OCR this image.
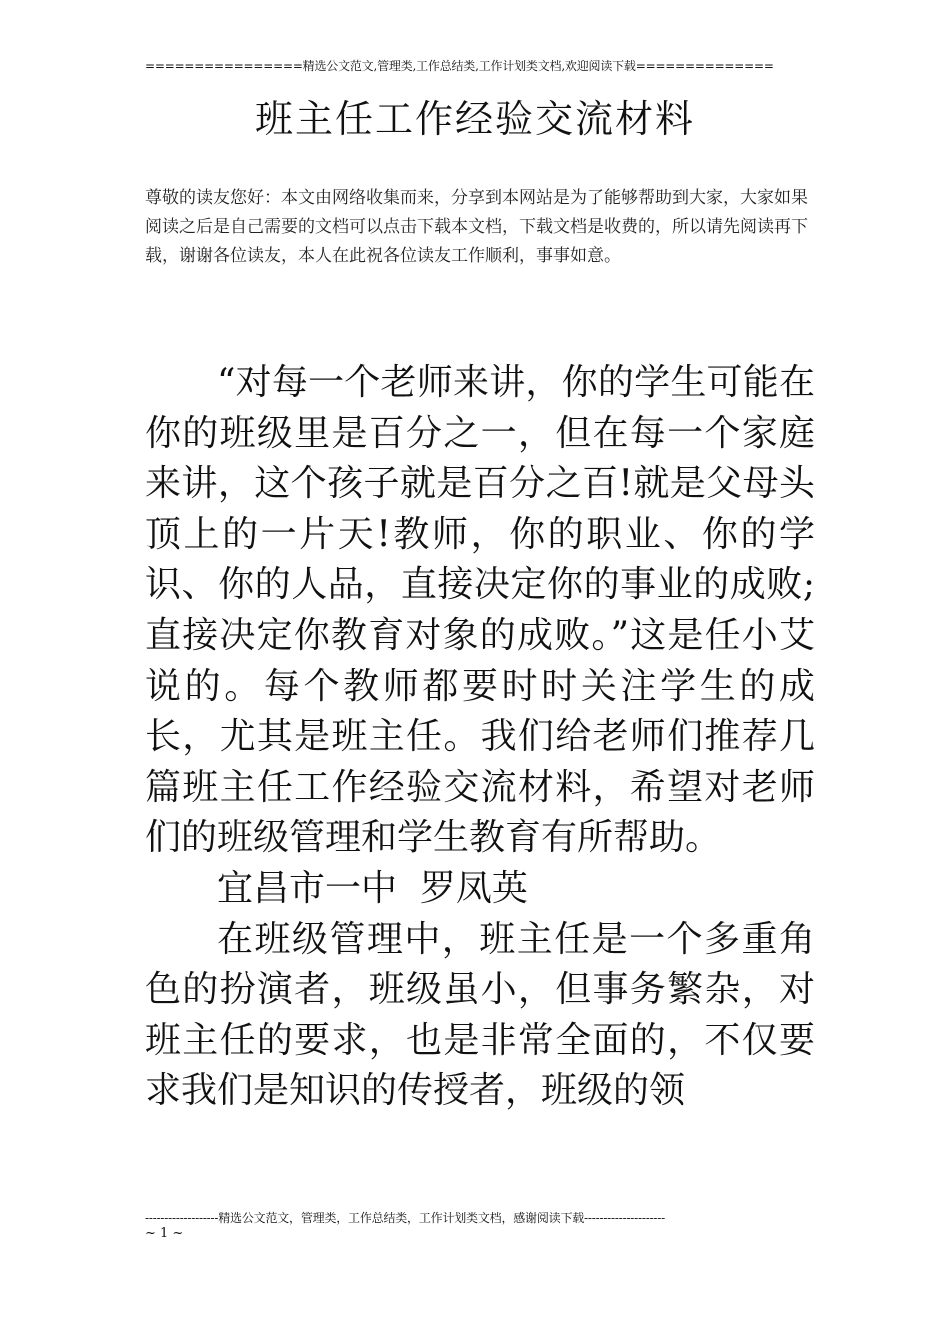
================精选公文范文,管理类,工作总结类,工作计划类文档,欢迎阅读下载==============
班主任工作经验交流材料

尊敬的读友您好：本文由网络收集而来，分享到本网站是为了能够帮助到大家，大家如果阅读之后是自己需要的文档可以点击下载本文档，下载文档是收费的，所以请先阅读再下载，谢谢各位读友，本人在此祝各位读友工作顺利，事事如意。

“对每一个老师来讲，你的学生可能在你的班级里是百分之一，但在每一个家庭来讲，这个孩子就是百分之百!就是父母头顶上的一片天!教师，你的职业、你的学识、你的人品，直接决定你的事业的成败;直接决定你教育对象的成败。”这是任小艾说的。每个教师都要时时关注学生的成长，尤其是班主任。我们给老师们推荐几篇班主任工作经验交流材料，希望对老师们的班级管理和学生教育有所帮助。

宜昌市一中  罗凤英

在班级管理中，班主任是一个多重角色的扮演者，班级虽小，但事务繁杂，对班主任的要求，也是非常全面的，不仅要求我们是知识的传授者，班级的领

-------------------精选公文范文，管理类，工作总结类，工作计划类文档，感谢阅读下载---------------------
~ 1 ~
